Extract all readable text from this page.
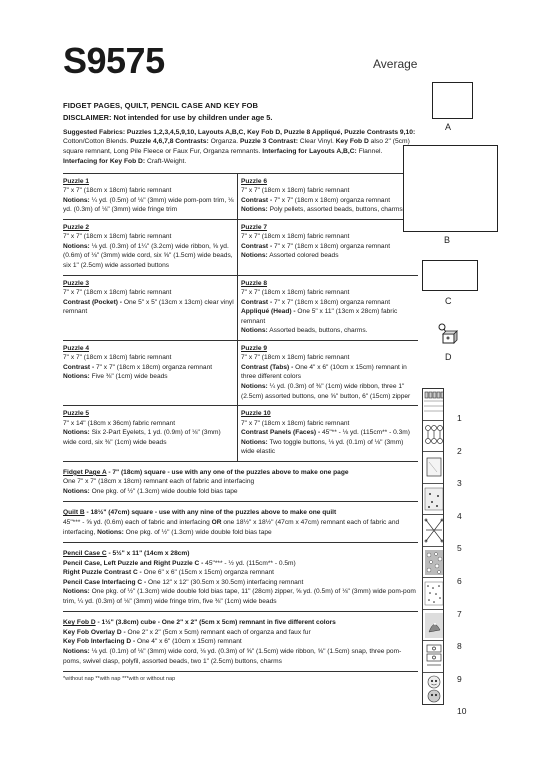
S9575	Average
FIDGET PAGES, QUILT, PENCIL CASE AND KEY FOB
DISCLAIMER: Not intended for use by children under age 5.
Suggested Fabrics: Puzzles 1,2,3,4,5,9,10, Layouts A,B,C, Key Fob D, Puzzle 8 Appliqué, Puzzle Contrasts 9,10: Cotton/Cotton Blends. Puzzle 4,6,7,8 Contrasts: Organza. Puzzle 3 Contrast: Clear Vinyl. Key Fob D also 2" (5cm) square remnant, Long Pile Fleece or Faux Fur, Organza remnants. Interfacing for Layouts A,B,C: Flannel. Interfacing for Key Fob D: Craft-Weight.
Puzzle 1
7" x 7" (18cm x 18cm) fabric remnant
Notions: ¼ yd. (0.5m) of ⅛" (3mm) wide pom-pom trim, ⅛ yd. (0.3m) of ⅛" (3mm) wide fringe trim
Puzzle 6
7" x 7" (18cm x 18cm) fabric remnant
Contrast - 7" x 7" (18cm x 18cm) organza remnant
Notions: Poly pellets, assorted beads, buttons, charms
Puzzle 2
7" x 7" (18cm x 18cm) fabric remnant
Notions: ⅛ yd. (0.3m) of 1¼" (3.2cm) wide ribbon, ⅝ yd. (0.6m) of ⅛" (3mm) wide cord, six ⅝" (1.5cm) wide beads, six 1" (2.5cm) wide assorted buttons
Puzzle 7
7" x 7" (18cm x 18cm) fabric remnant
Contrast - 7" x 7" (18cm x 18cm) organza remnant
Notions: Assorted colored beads
Puzzle 3
7" x 7" (18cm x 18cm) fabric remnant
Contrast (Pocket) - One 5" x 5" (13cm x 13cm) clear vinyl remnant
Puzzle 8
7" x 7" (18cm x 18cm) fabric remnant
Contrast - 7" x 7" (18cm x 18cm) organza remnant
Appliqué (Head) - One 5" x 11" (13cm x 28cm) fabric remnant
Notions: Assorted beads, buttons, charms.
Puzzle 4
7" x 7" (18cm x 18cm) fabric remnant
Contrast - 7" x 7" (18cm x 18cm) organza remnant
Notions: Five ⅜" (1cm) wide beads
Puzzle 9
7" x 7" (18cm x 18cm) fabric remnant
Contrast (Tabs) - One 4" x 6" (10cm x 15cm) remnant in three different colors
Notions: ¼ yd. (0.3m) of ⅜" (1cm) wide ribbon, three 1" (2.5cm) assorted buttons, one ⅝" button, 6" (15cm) zipper
Puzzle 5
7" x 14" (18cm x 36cm) fabric remnant
Notions: Six 2-Part Eyelets, 1 yd. (0.9m) of ⅛" (3mm) wide cord, six ⅜" (1cm) wide beads
Puzzle 10
7" x 7" (18cm x 18cm) fabric remnant
Contrast Panels (Faces) - 45"** - ⅛ yd. (115cm** - 0.3m)
Notions: Two toggle buttons, ⅛ yd. (0.1m) of ⅛" (3mm) wide elastic
Fidget Page A - 7" (18cm) square - use with any one of the puzzles above to make one page
One 7" x 7" (18cm x 18cm) remnant each of fabric and interfacing
Notions: One pkg. of ½" (1.3cm) wide double fold bias tape
Quilt B - 18½" (47cm) square - use with any nine of the puzzles above to make one quilt
45"*** - ⅝ yd. (0.6m) each of fabric and interfacing OR one 18½" x 18½" (47cm x 47cm) remnant each of fabric and interfacing, Notions: One pkg. of ½" (1.3cm) wide double fold bias tape
Pencil Case C - 5½" x 11" (14cm x 28cm)
Pencil Case, Left Puzzle and Right Puzzle C - 45"*** - ½ yd. (115cm** - 0.5m)
Right Puzzle Contrast C - One 6" x 6" (15cm x 15cm) organza remnant
Pencil Case Interfacing C - One 12" x 12" (30.5cm x 30.5cm) interfacing remnant
Notions: One pkg. of ½" (1.3cm) wide double fold bias tape, 11" (28cm) zipper, ⅝ yd. (0.5m) of ⅛" (3mm) wide pom-pom trim, ¼ yd. (0.3m) of ⅛" (3mm) wide fringe trim, five ⅜" (1cm) wide beads
Key Fob D - 1½" (3.8cm) cube - One 2" x 2" (5cm x 5cm) remnant in five different colors
Key Fob Overlay D - One 2" x 2" (5cm x 5cm) remnant each of organza and faux fur
Key Fob Interfacing D - One 4" x 6" (10cm x 15cm) remnant
Notions: ⅛ yd. (0.1m) of ⅛" (3mm) wide cord, ⅛ yd. (0.3m) of ⅝" (1.5cm) wide ribbon, ⅝" (1.5cm) snap, three pom-poms, swivel clasp, polyfil, assorted beads, two 1" (2.5cm) buttons, charms
*without nap **with nap ***with or without nap
A
B
C
D
1
2
3
4
5
6
7
8
9
10
